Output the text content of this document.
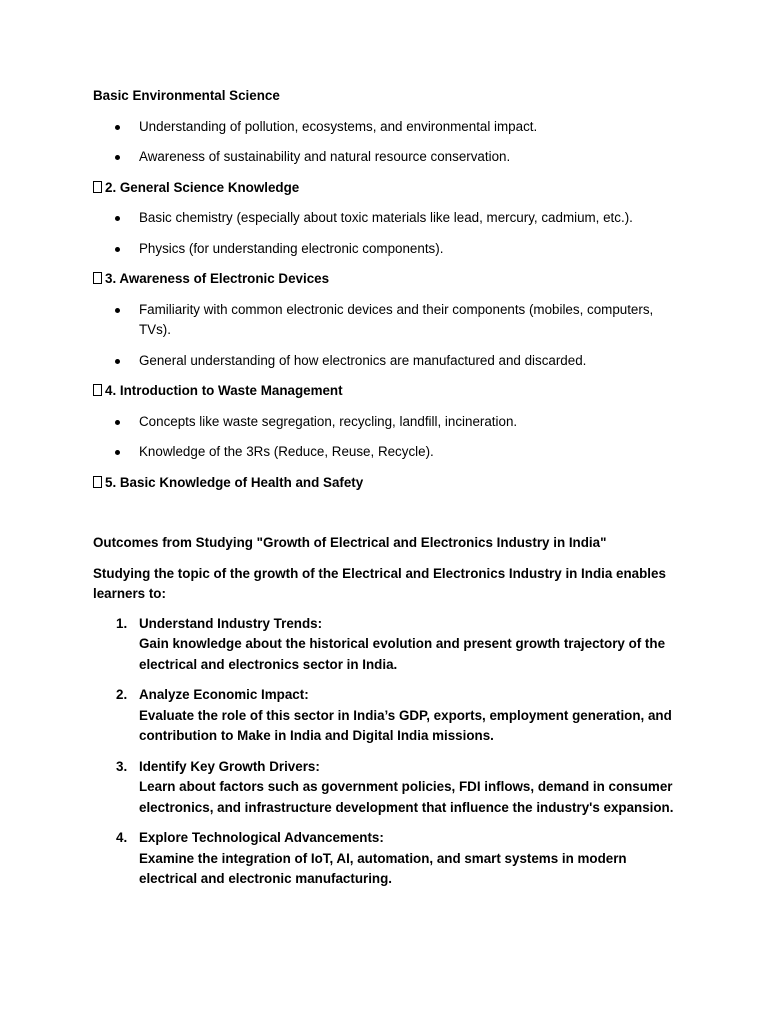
Basic Environmental Science
Understanding of pollution, ecosystems, and environmental impact.
Awareness of sustainability and natural resource conservation.
2. General Science Knowledge
Basic chemistry (especially about toxic materials like lead, mercury, cadmium, etc.).
Physics (for understanding electronic components).
3. Awareness of Electronic Devices
Familiarity with common electronic devices and their components (mobiles, computers, TVs).
General understanding of how electronics are manufactured and discarded.
4. Introduction to Waste Management
Concepts like waste segregation, recycling, landfill, incineration.
Knowledge of the 3Rs (Reduce, Reuse, Recycle).
5. Basic Knowledge of Health and Safety
Outcomes from Studying "Growth of Electrical and Electronics Industry in India"
Studying the topic of the growth of the Electrical and Electronics Industry in India enables learners to:
1. Understand Industry Trends:
Gain knowledge about the historical evolution and present growth trajectory of the electrical and electronics sector in India.
2. Analyze Economic Impact:
Evaluate the role of this sector in India’s GDP, exports, employment generation, and contribution to Make in India and Digital India missions.
3. Identify Key Growth Drivers:
Learn about factors such as government policies, FDI inflows, demand in consumer electronics, and infrastructure development that influence the industry's expansion.
4. Explore Technological Advancements:
Examine the integration of IoT, AI, automation, and smart systems in modern electrical and electronic manufacturing.
